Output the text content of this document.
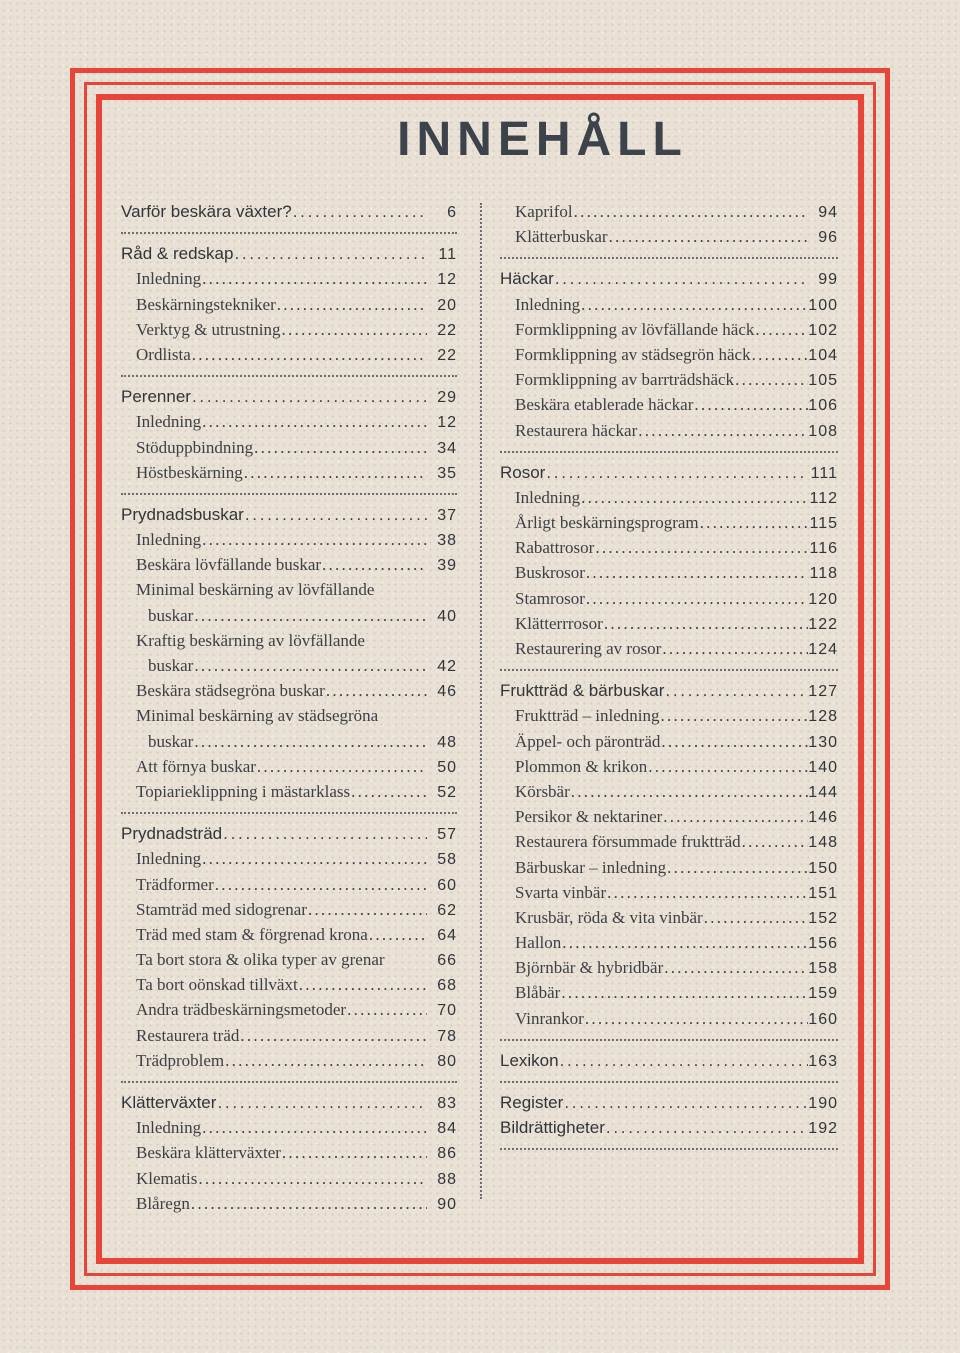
INNEHÅLL
Varför beskära växter? . . .	6
Råd & redskap . . .	11
Inledning . . .	12
Beskärningstekniker . . .	20
Verktyg & utrustning . . .	22
Ordlista . . .	22
Perenner . . .	29
Inledning . . .	12
Stöduppbindning . . .	34
Höstbeskärning . . .	35
Prydnadsbuskar . . .	37
Inledning . . .	38
Beskära lövfällande buskar . . .	39
Minimal beskärning av lövfällande
buskar . . .	40
Kraftig beskärning av lövfällande
buskar . . .	42
Beskära städsegröna buskar . . .	46
Minimal beskärning av städsegröna
buskar . . .	48
Att förnya buskar . . .	50
Topiarieklippning i mästarklass . . .	52
Prydnadsträd . . .	57
Inledning . . .	58
Trädformer . . .	60
Stamträd med sidogrenar . . .	62
Träd med stam & förgrenad krona . . .	64
Ta bort stora & olika typer av grenar	66
Ta bort oönskad tillväxt . . .	68
Andra trädbeskärningsmetoder . . .	70
Restaurera träd . . .	78
Trädproblem . . .	80
Klätterväxter . . .	83
Inledning . . .	84
Beskära klätterväxter . . .	86
Klematis . . .	88
Blåregn . . .	90
Kaprifol . . .	94
Klätterbuskar . . .	96
Häckar . . .	99
Inledning . . .	100
Formklippning av lövfällande häck . . .	102
Formklippning av städsegrön häck . . .	104
Formklippning av barrträdshäck . . .	105
Beskära etablerade häckar . . .	106
Restaurera häckar . . .	108
Rosor . . .	111
Inledning . . .	112
Årligt beskärningsprogram . . .	115
Rabattrosor . . .	116
Buskrosor . . .	118
Stamrosor . . .	120
Klätterrrosor . . .	122
Restaurering av rosor . . .	124
Fruktträd & bärbuskar . . .	127
Fruktträd – inledning . . .	128
Äppel- och päronträd . . .	130
Plommon & krikon . . .	140
Körsbär . . .	144
Persikor & nektariner . . .	146
Restaurera försummade fruktträd . . .	148
Bärbuskar – inledning . . .	150
Svarta vinbär . . .	151
Krusbär, röda & vita vinbär . . .	152
Hallon . . .	156
Björnbär & hybridbär . . .	158
Blåbär . . .	159
Vinrankor . . .	160
Lexikon . . .	163
Register . . .	190
Bildrättigheter . . .	192
